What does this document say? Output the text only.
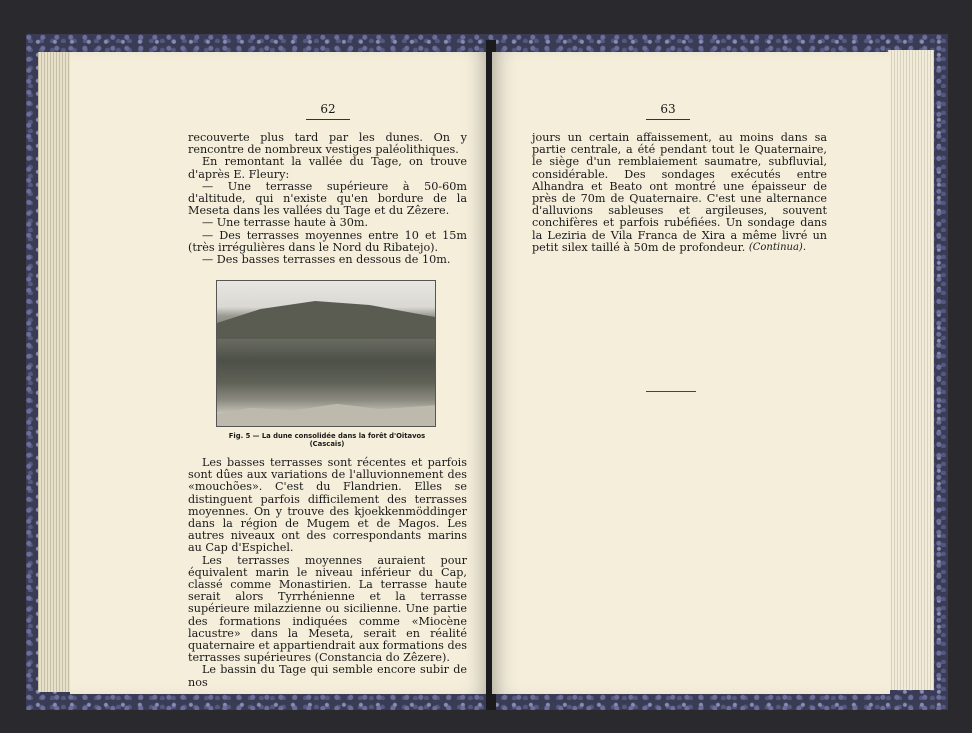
62

recouverte plus tard par les dunes. On y rencontre de nombreux vestiges paléolithiques.

En remontant la vallée du Tage, on trouve d'après E. Fleury:

— Une terrasse supérieure à 50-60m d'altitude, qui n'existe qu'en bordure de la Meseta dans les vallées du Tage et du Zêzere.

— Une terrasse haute à 30m.

— Des terrasses moyennes entre 10 et 15m (très irrégulières dans le Nord du Ribatejo).

— Des basses terrasses en dessous de 10m.

Fig. 5 — La dune consolidée dans la forêt d'Oitavos (Cascais)

Les basses terrasses sont récentes et parfois sont dûes aux variations de l'alluvionnement des «mouchões». C'est du Flandrien. Elles se distinguent parfois difficilement des terrasses moyennes. On y trouve des kjoekkenmöddinger dans la région de Mugem et de Magos. Les autres niveaux ont des correspondants marins au Cap d'Espichel.

Les terrasses moyennes auraient pour équivalent marin le niveau inférieur du Cap, classé comme Monastirien. La terrasse haute serait alors Tyrrhénienne et la terrasse supérieure milazzienne ou sicilienne. Une partie des formations indiquées comme «Miocène lacustre» dans la Meseta, serait en réalité quaternaire et appartiendrait aux formations des terrasses supérieures (Constancia do Zêzere).

Le bassin du Tage qui semble encore subir de nos

63

jours un certain affaissement, au moins dans sa partie centrale, a été pendant tout le Quaternaire, le siège d'un remblaiement saumatre, subfluvial, considérable. Des sondages exécutés entre Alhandra et Beato ont montré une épaisseur de près de 70m de Quaternaire. C'est une alternance d'alluvions sableuses et argileuses, souvent conchifères et parfois rubéfiées. Un sondage dans la Leziria de Vila Franca de Xira a même livré un petit silex taillé à 50m de profondeur. (Continua).
